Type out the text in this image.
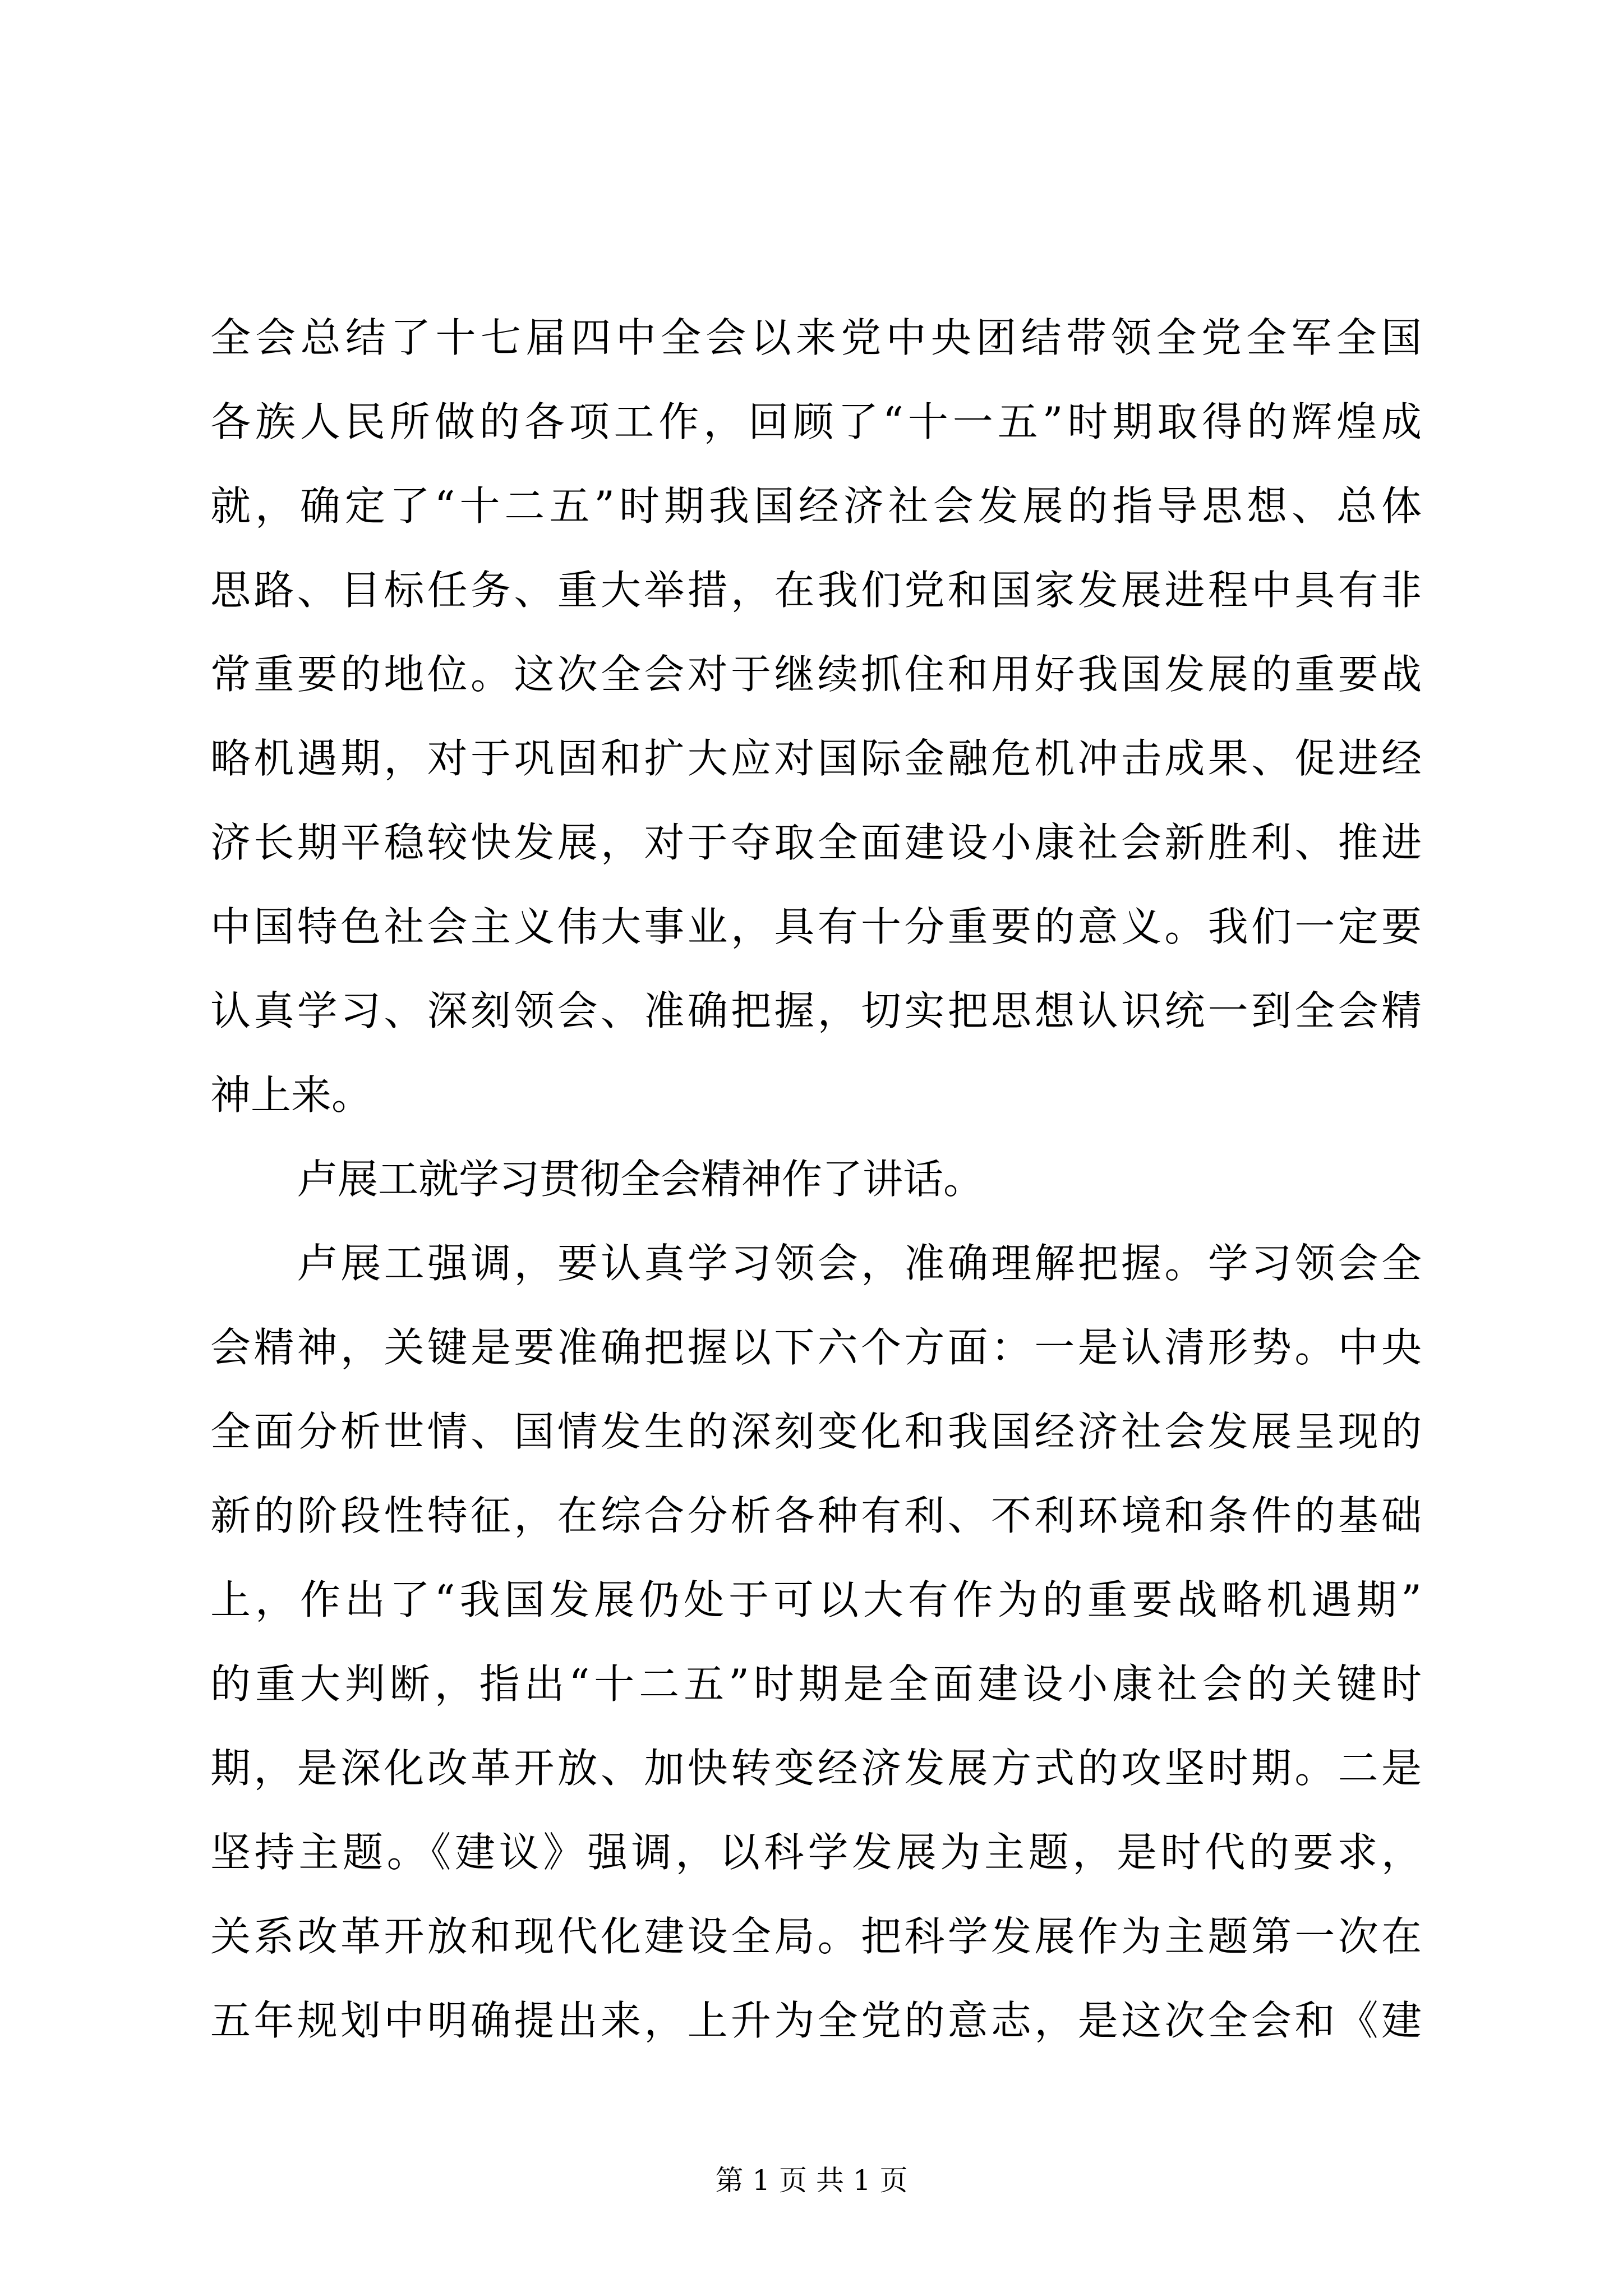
全会总结了十七届四中全会以来党中央团结带领全党全军全国
各族人民所做的各项工作，回顾了“十一五”时期取得的辉煌成
就，确定了“十二五”时期我国经济社会发展的指导思想、总体
思路、目标任务、重大举措，在我们党和国家发展进程中具有非
常重要的地位。这次全会对于继续抓住和用好我国发展的重要战
略机遇期，对于巩固和扩大应对国际金融危机冲击成果、促进经
济长期平稳较快发展，对于夺取全面建设小康社会新胜利、推进
中国特色社会主义伟大事业，具有十分重要的意义。我们一定要
认真学习、深刻领会、准确把握，切实把思想认识统一到全会精
神上来。
卢展工就学习贯彻全会精神作了讲话。
卢展工强调，要认真学习领会，准确理解把握。学习领会全
会精神，关键是要准确把握以下六个方面：一是认清形势。中央
全面分析世情、国情发生的深刻变化和我国经济社会发展呈现的
新的阶段性特征，在综合分析各种有利、不利环境和条件的基础
上，作出了“我国发展仍处于可以大有作为的重要战略机遇期”
的重大判断，指出“十二五”时期是全面建设小康社会的关键时
期，是深化改革开放、加快转变经济发展方式的攻坚时期。二是
坚持主题。《建议》强调，以科学发展为主题，是时代的要求，
关系改革开放和现代化建设全局。把科学发展作为主题第一次在
五年规划中明确提出来，上升为全党的意志，是这次全会和《建
第 1 页 共 1 页
